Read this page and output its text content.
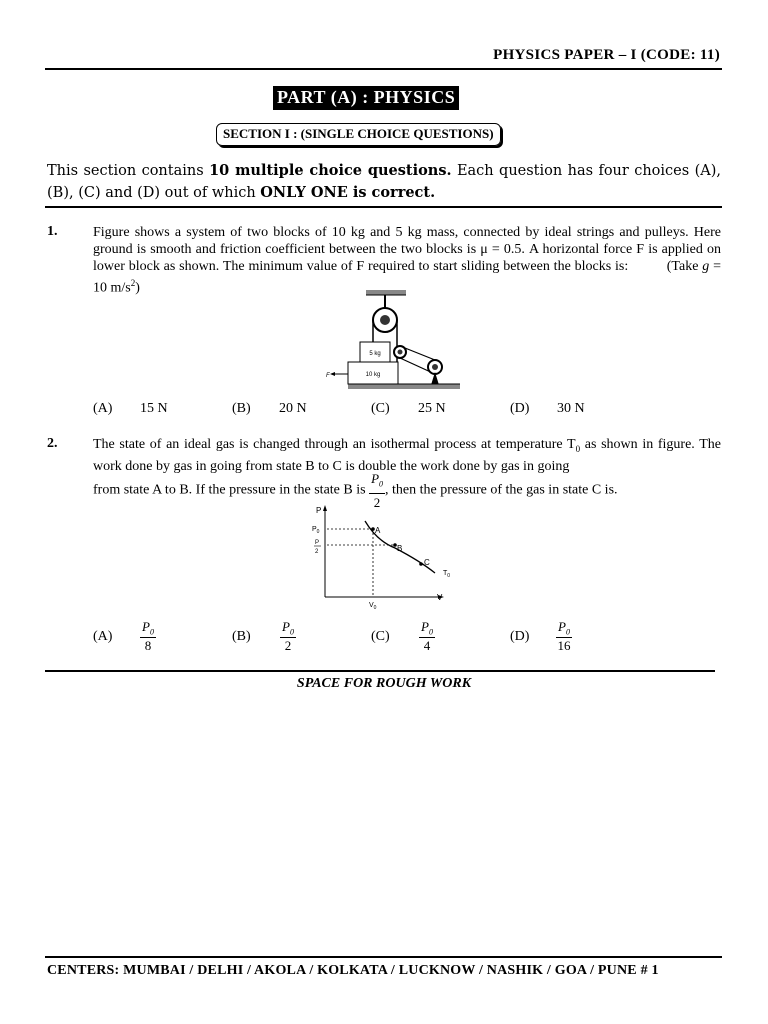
PHYSICS PAPER – I (CODE: 11)
PART (A) : PHYSICS
SECTION I : (SINGLE CHOICE QUESTIONS)
This section contains 10 multiple choice questions. Each question has four choices (A), (B), (C) and (D) out of which ONLY ONE is correct.
1.	Figure shows a system of two blocks of 10 kg and 5 kg mass, connected by ideal strings and pulleys. Here ground is smooth and friction coefficient between the two blocks is μ = 0.5. A horizontal force F is applied on lower block as shown. The minimum value of F required to start sliding between the blocks is:	(Take g = 10 $m/s^2$)
5 kg
10 kg
F
(A) 15 N	(B) 20 N	(C) 25 N	(D) 30 N
2.	The state of an ideal gas is changed through an isothermal process at temperature $T_0$ as shown in figure. The work done by gas in going from state B to C is double the work done by gas in going
from state A to B. If the pressure in the state B is $\frac{P_0}{2}$ , then the pressure of the gas in state C is.
P
V
$P_0$
P
2
$V_0$
A
B
C
$T_0$
$(A) \frac{P_0}{8}$	$(B) \frac{P_0}{2}$	$(C) \frac{P_0}{4}$	$(D) \frac{P_0}{16}$
SPACE FOR ROUGH WORK
CENTERS: MUMBAI / DELHI / AKOLA / KOLKATA / LUCKNOW / NASHIK / GOA / PUNE # 1
